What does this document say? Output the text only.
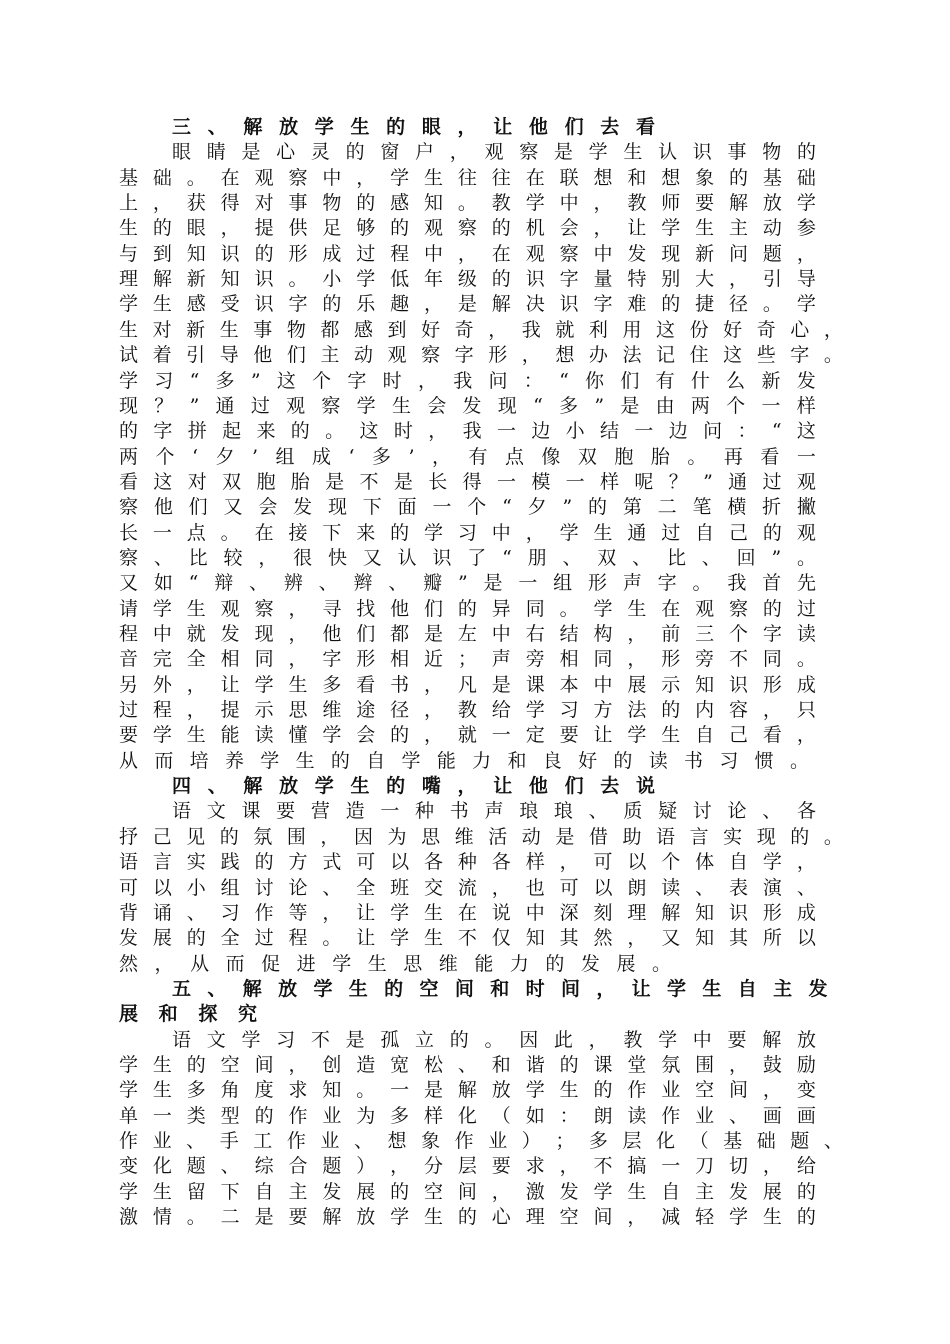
三 、 解 放 学 生 的 眼 ， 让 他 们 去 看
眼 睛 是 心 灵 的 窗 户 ， 观 察 是 学 生 认 识 事 物 的
基 础 。 在 观 察 中 ， 学 生 往 往 在 联 想 和 想 象 的 基 础
上 ， 获 得 对 事 物 的 感 知 。 教 学 中 ， 教 师 要 解 放 学
生 的 眼 ， 提 供 足 够 的 观 察 的 机 会 ， 让 学 生 主 动 参
与 到 知 识 的 形 成 过 程 中 ， 在 观 察 中 发 现 新 问 题 ，
理 解 新 知 识 。 小 学 低 年 级 的 识 字 量 特 别 大 ， 引 导
学 生 感 受 识 字 的 乐 趣 ， 是 解 决 识 字 难 的 捷 径 。 学
生 对 新 生 事 物 都 感 到 好 奇 ， 我 就 利 用 这 份 好 奇 心 ，
试 着 引 导 他 们 主 动 观 察 字 形 ， 想 办 法 记 住 这 些 字 。
学 习 “ 多 ” 这 个 字 时 ， 我 问 ： “ 你 们 有 什 么 新 发
现 ？ ” 通 过 观 察 学 生 会 发 现 “ 多 ” 是 由 两 个 一 样
的 字 拼 起 来 的 。 这 时 ， 我 一 边 小 结 一 边 问 ： “ 这
两 个 ‘ 夕 ’ 组 成 ‘ 多 ’ ， 有 点 像 双 胞 胎 。 再 看 一
看 这 对 双 胞 胎 是 不 是 长 得 一 模 一 样 呢 ？ ” 通 过 观
察 他 们 又 会 发 现 下 面 一 个 “ 夕 ” 的 第 二 笔 横 折 撇
长 一 点 。 在 接 下 来 的 学 习 中 ， 学 生 通 过 自 己 的 观
察 、 比 较 ， 很 快 又 认 识 了 “ 朋 、 双 、 比 、 回 ” 。
又 如 “ 辩 、 辨 、 辫 、 瓣 ” 是 一 组 形 声 字 。 我 首 先
请 学 生 观 察 ， 寻 找 他 们 的 异 同 。 学 生 在 观 察 的 过
程 中 就 发 现 ， 他 们 都 是 左 中 右 结 构 ， 前 三 个 字 读
音 完 全 相 同 ， 字 形 相 近 ； 声 旁 相 同 ， 形 旁 不 同 。
另 外 ， 让 学 生 多 看 书 ， 凡 是 课 本 中 展 示 知 识 形 成
过 程 ， 提 示 思 维 途 径 ， 教 给 学 习 方 法 的 内 容 ， 只
要 学 生 能 读 懂 学 会 的 ， 就 一 定 要 让 学 生 自 己 看 ，
从 而 培 养 学 生 的 自 学 能 力 和 良 好 的 读 书 习 惯 。
四 、 解 放 学 生 的 嘴 ， 让 他 们 去 说
语 文 课 要 营 造 一 种 书 声 琅 琅 、 质 疑 讨 论 、 各
抒 己 见 的 氛 围 ， 因 为 思 维 活 动 是 借 助 语 言 实 现 的 。
语 言 实 践 的 方 式 可 以 各 种 各 样 ， 可 以 个 体 自 学 ，
可 以 小 组 讨 论 、 全 班 交 流 ， 也 可 以 朗 读 、 表 演 、
背 诵 、 习 作 等 ， 让 学 生 在 说 中 深 刻 理 解 知 识 形 成
发 展 的 全 过 程 。 让 学 生 不 仅 知 其 然 ， 又 知 其 所 以
然 ， 从 而 促 进 学 生 思 维 能 力 的 发 展 。
五 、 解 放 学 生 的 空 间 和 时 间 ， 让 学 生 自 主 发
展 和 探 究
语 文 学 习 不 是 孤 立 的 。 因 此 ， 教 学 中 要 解 放
学 生 的 空 间 ， 创 造 宽 松 、 和 谐 的 课 堂 氛 围 ， 鼓 励
学 生 多 角 度 求 知 。 一 是 解 放 学 生 的 作 业 空 间 ， 变
单 一 类 型 的 作 业 为 多 样 化 （ 如 ： 朗 读 作 业 、 画 画
作 业 、 手 工 作 业 、 想 象 作 业 ） ； 多 层 化 （ 基 础 题 、
变 化 题 、 综 合 题 ） ， 分 层 要 求 ， 不 搞 一 刀 切 ， 给
学 生 留 下 自 主 发 展 的 空 间 ， 激 发 学 生 自 主 发 展 的
激 情 。 二 是 要 解 放 学 生 的 心 理 空 间 ， 减 轻 学 生 的
